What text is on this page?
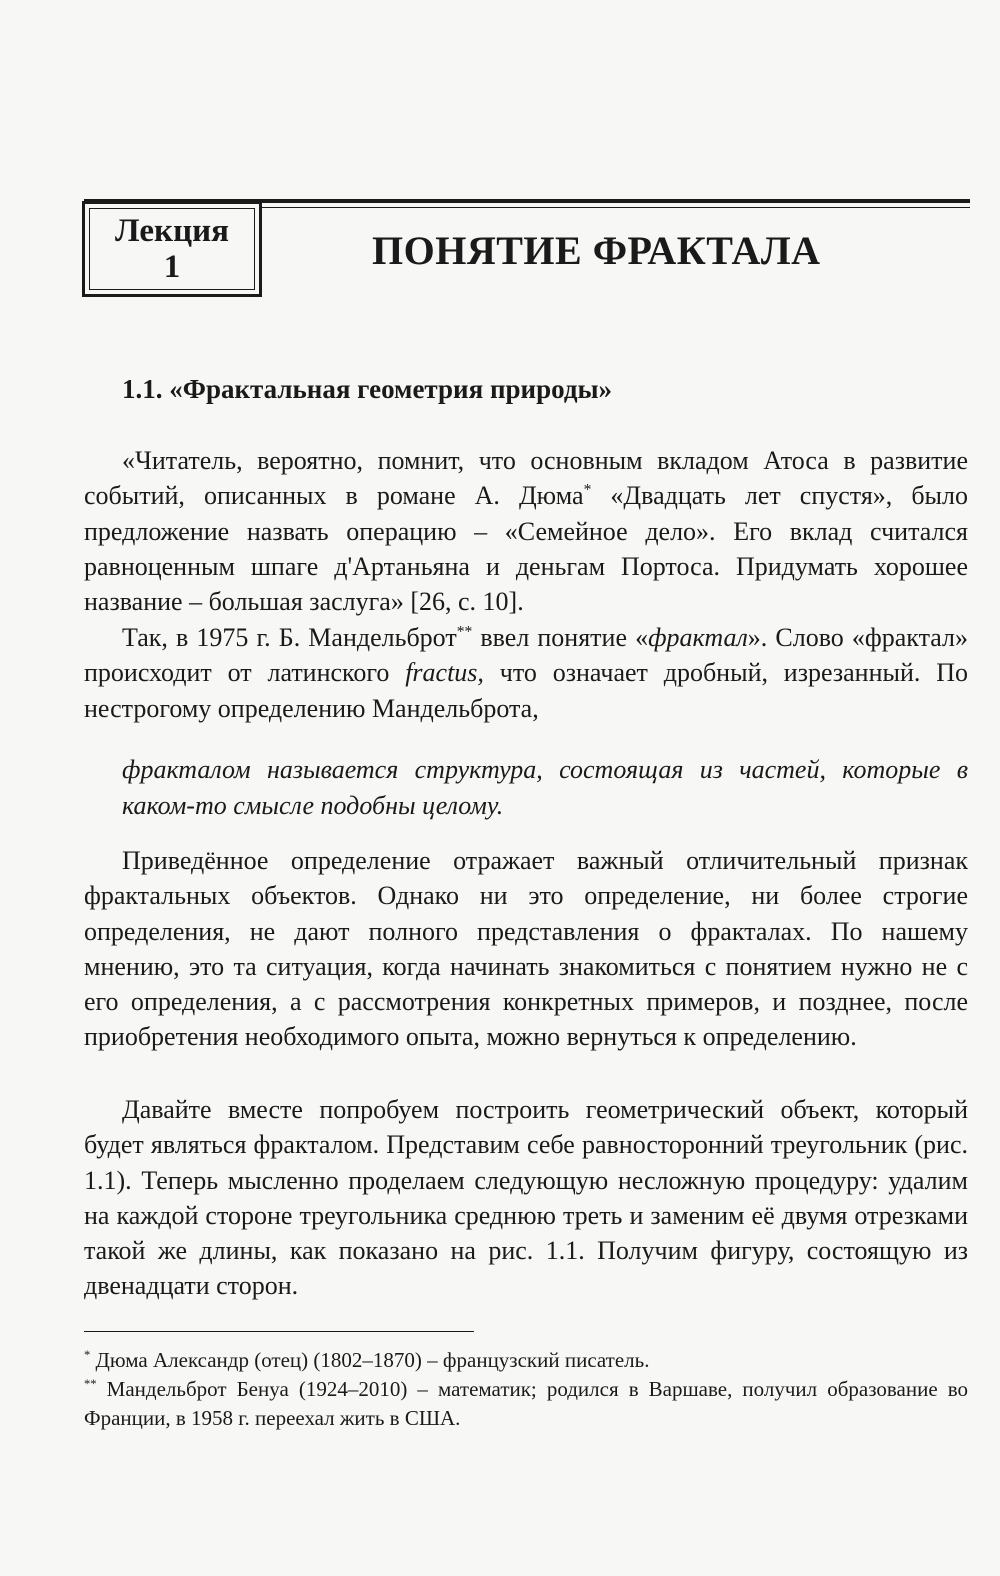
Лекция
1	ПОНЯТИЕ ФРАКТАЛА
1.1. «Фрактальная геометрия природы»

«Читатель, вероятно, помнит, что основным вкладом Атоса в развитие событий, описанных в романе А. Дюма* «Двадцать лет спустя», было предложение назвать операцию – «Семейное дело». Его вклад считался равноценным шпаге д'Артаньяна и деньгам Портоса. Придумать хорошее название – большая заслуга» [26, с. 10].

Так, в 1975 г. Б. Мандельброт** ввел понятие «фрактал». Слово «фрактал» происходит от латинского fractus, что означает дробный, изрезанный. По нестрогому определению Мандельброта,

фракталом называется структура, состоящая из частей, которые в каком-то смысле подобны целому.

Приведённое определение отражает важный отличительный признак фрактальных объектов. Однако ни это определение, ни более строгие определения, не дают полного представления о фракталах. По нашему мнению, это та ситуация, когда начинать знакомиться с понятием нужно не с его определения, а с рассмотрения конкретных примеров, и позднее, после приобретения необходимого опыта, можно вернуться к определению.

Давайте вместе попробуем построить геометрический объект, который будет являться фракталом. Представим себе равносторонний треугольник (рис. 1.1). Теперь мысленно проделаем следующую несложную процедуру: удалим на каждой стороне треугольника среднюю треть и заменим её двумя отрезками такой же длины, как показано на рис. 1.1. Получим фигуру, состоящую из двенадцати сторон.

* Дюма Александр (отец) (1802–1870) – французский писатель.

** Мандельброт Бенуа (1924–2010) – математик; родился в Варшаве, получил образование во Франции, в 1958 г. переехал жить в США.
